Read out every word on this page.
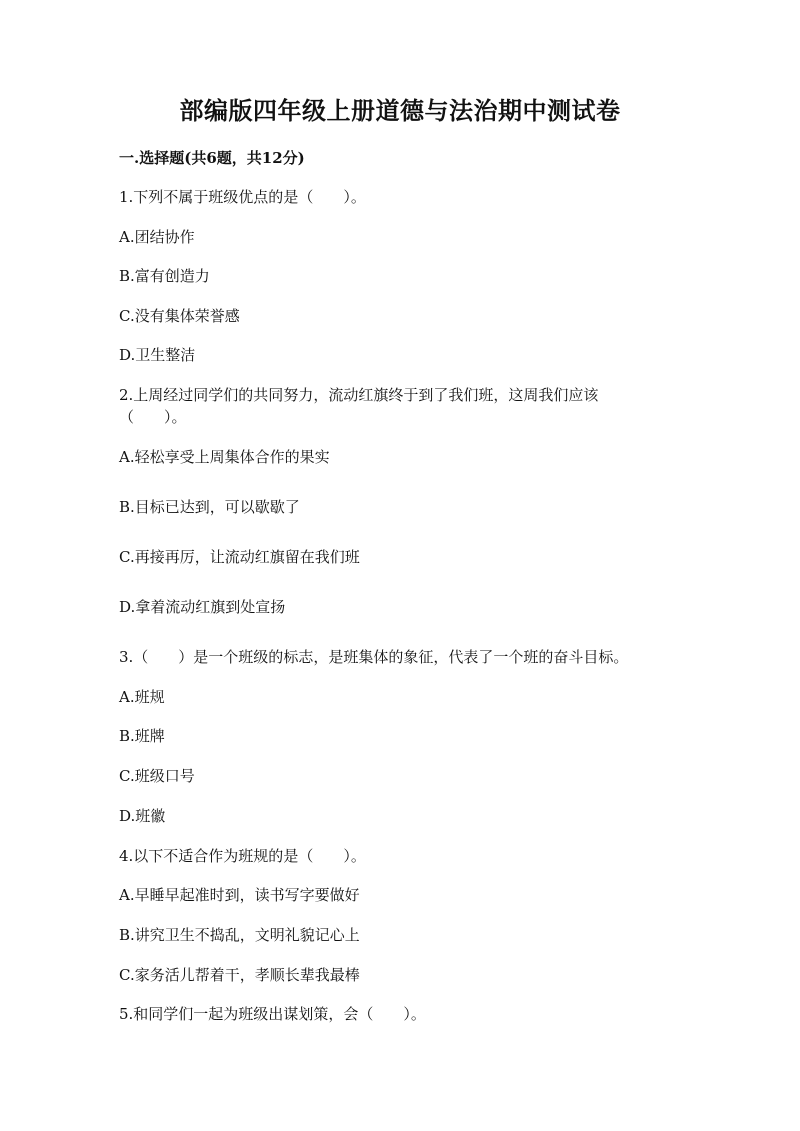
部编版四年级上册道德与法治期中测试卷
一.选择题(共6题，共12分)
1.下列不属于班级优点的是（　　）。
A.团结协作
B.富有创造力
C.没有集体荣誉感
D.卫生整洁
2.上周经过同学们的共同努力，流动红旗终于到了我们班，这周我们应该
（　　）。
A.轻松享受上周集体合作的果实
B.目标已达到，可以歇歇了
C.再接再厉，让流动红旗留在我们班
D.拿着流动红旗到处宣扬
3.（　　）是一个班级的标志，是班集体的象征，代表了一个班的奋斗目标。
A.班规
B.班牌
C.班级口号
D.班徽
4.以下不适合作为班规的是（　　）。
A.早睡早起准时到，读书写字要做好
B.讲究卫生不捣乱，文明礼貌记心上
C.家务活儿帮着干，孝顺长辈我最棒
5.和同学们一起为班级出谋划策，会（　　）。
